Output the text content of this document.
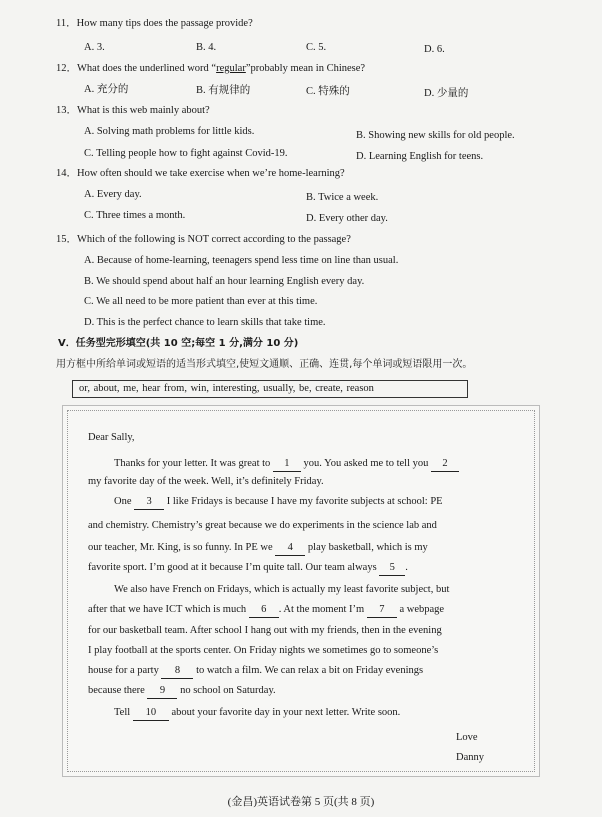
11．How many tips does the passage provide?
A. 3.	B. 4.	C. 5.	D. 6.
12．What does the underlined word “regular”probably mean in Chinese?
A. 充分的	B. 有规律的	C. 特殊的	D. 少量的
13．What is this web mainly about?
A. Solving math problems for little kids.	B. Showing new skills for old people.
C. Telling people how to fight against Covid-19.	D. Learning English for teens.
14．How often should we take exercise when we’re home-learning?
A. Every day.	B. Twice a week.
C. Three times a month.	D. Every other day.
15．Which of the following is NOT correct according to the passage?
A. Because of home-learning, teenagers spend less time on line than usual.
B. We should spend about half an hour learning English every day.
C. We all need to be more patient than ever at this time.
D. This is the perfect chance to learn skills that take time.
V．任务型完形填空(共 10 空;每空 1 分,满分 10 分)
用方框中所给单词或短语的适当形式填空,使短文通顺、正确、连贯,每个单词或短语限用一次。
or, about, me, hear from, win, interesting, usually, be, create, reason
Dear Sally,
Thanks for your letter. It was great to 1 you. You asked me to tell you 2
my favorite day of the week. Well, it’s definitely Friday.
One 3 I like Fridays is because I have my favorite subjects at school: PE
and chemistry. Chemistry’s great because we do experiments in the science lab and
our teacher, Mr. King, is so funny. In PE we 4 play basketball, which is my
favorite sport. I’m good at it because I’m quite tall. Our team always 5 .
We also have French on Fridays, which is actually my least favorite subject, but
after that we have ICT which is much 6 . At the moment I’m 7 a webpage
for our basketball team. After school I hang out with my friends, then in the evening
I play football at the sports center. On Friday nights we sometimes go to someone’s
house for a party 8 to watch a film. We can relax a bit on Friday evenings
because there 9 no school on Saturday.
Tell 10 about your favorite day in your next letter. Write soon.
Love
Danny
(金昌)英语试卷第 5 页(共 8 页)
